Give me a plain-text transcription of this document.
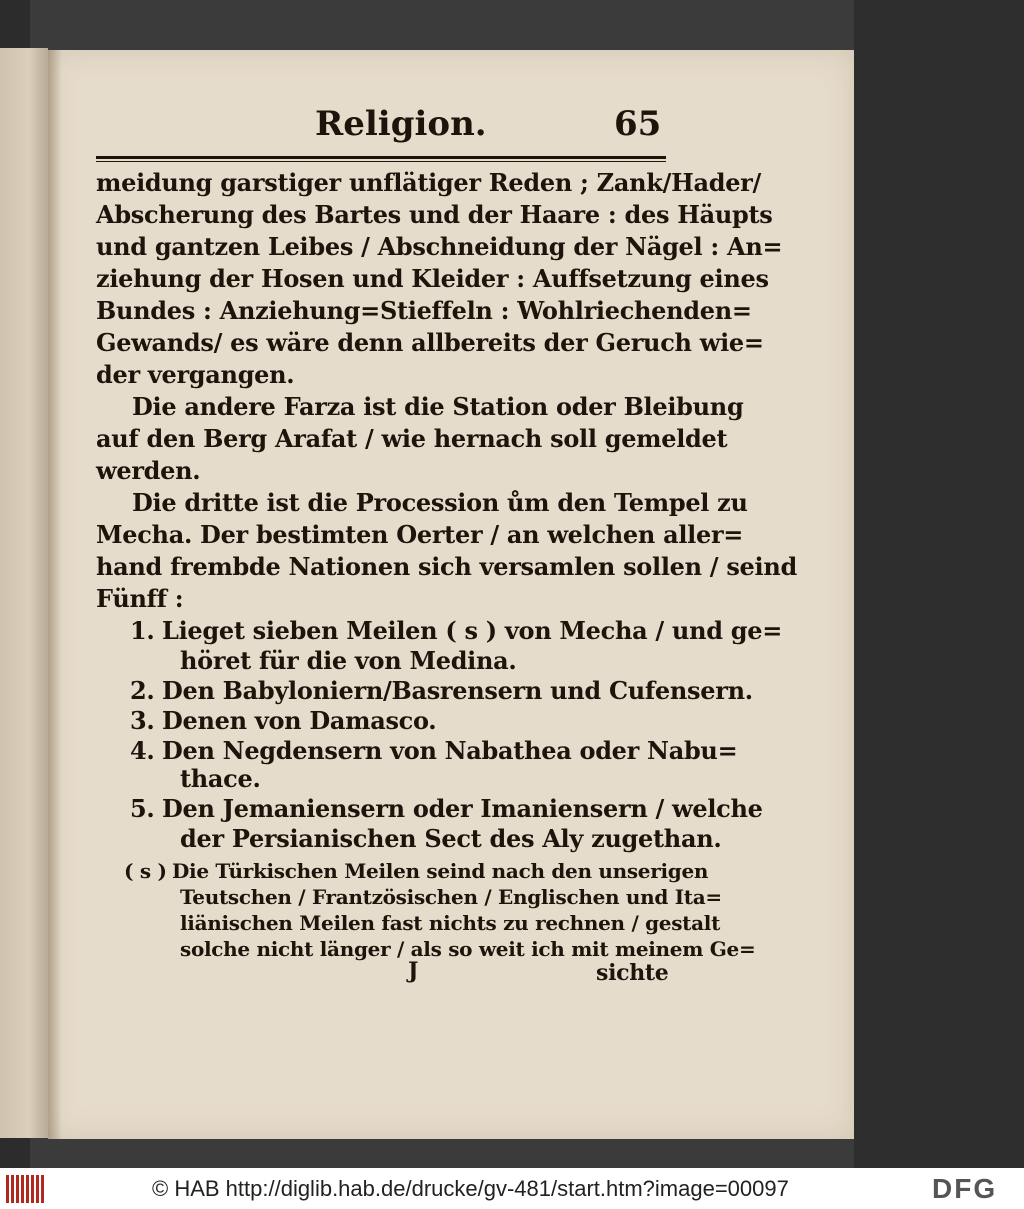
Religion.	65
meidung garstiger unflätiger Reden ; Zank/Hader/
Abscherung des Bartes und der Haare : des Häupts
und gantzen Leibes / Abschneidung der Nägel : An=
ziehung der Hosen und Kleider : Auffsetzung eines
Bundes : Anziehung=Stieffeln : Wohlriechenden=
Gewands/ es wäre denn allbereits der Geruch wie=
der vergangen.
Die andere Farza ist die Station oder Bleibung
auf den Berg Arafat / wie hernach soll gemeldet
werden.
Die dritte ist die Procession ům den Tempel zu
Mecha. Der bestimten Oerter / an welchen aller=
hand frembde Nationen sich versamlen sollen / seind
Fünff :
1. Lieget sieben Meilen ( s ) von Mecha / und ge=
höret für die von Medina.
2. Den Babyloniern/Basrensern und Cufensern.
3. Denen von Damasco.
4. Den Negdensern von Nabathea oder Nabu=
thace.
5. Den Jemaniensern oder Imaniensern / welche
der Persianischen Sect des Aly zugethan.
( s ) Die Türkischen Meilen seind nach den unserigen
Teutschen / Frantzösischen / Englischen und Ita=
liänischen Meilen fast nichts zu rechnen / gestalt
solche nicht länger / als so weit ich mit meinem Ge=
J	sichte
© HAB http://diglib.hab.de/drucke/gv-481/start.htm?image=00097	DFG
